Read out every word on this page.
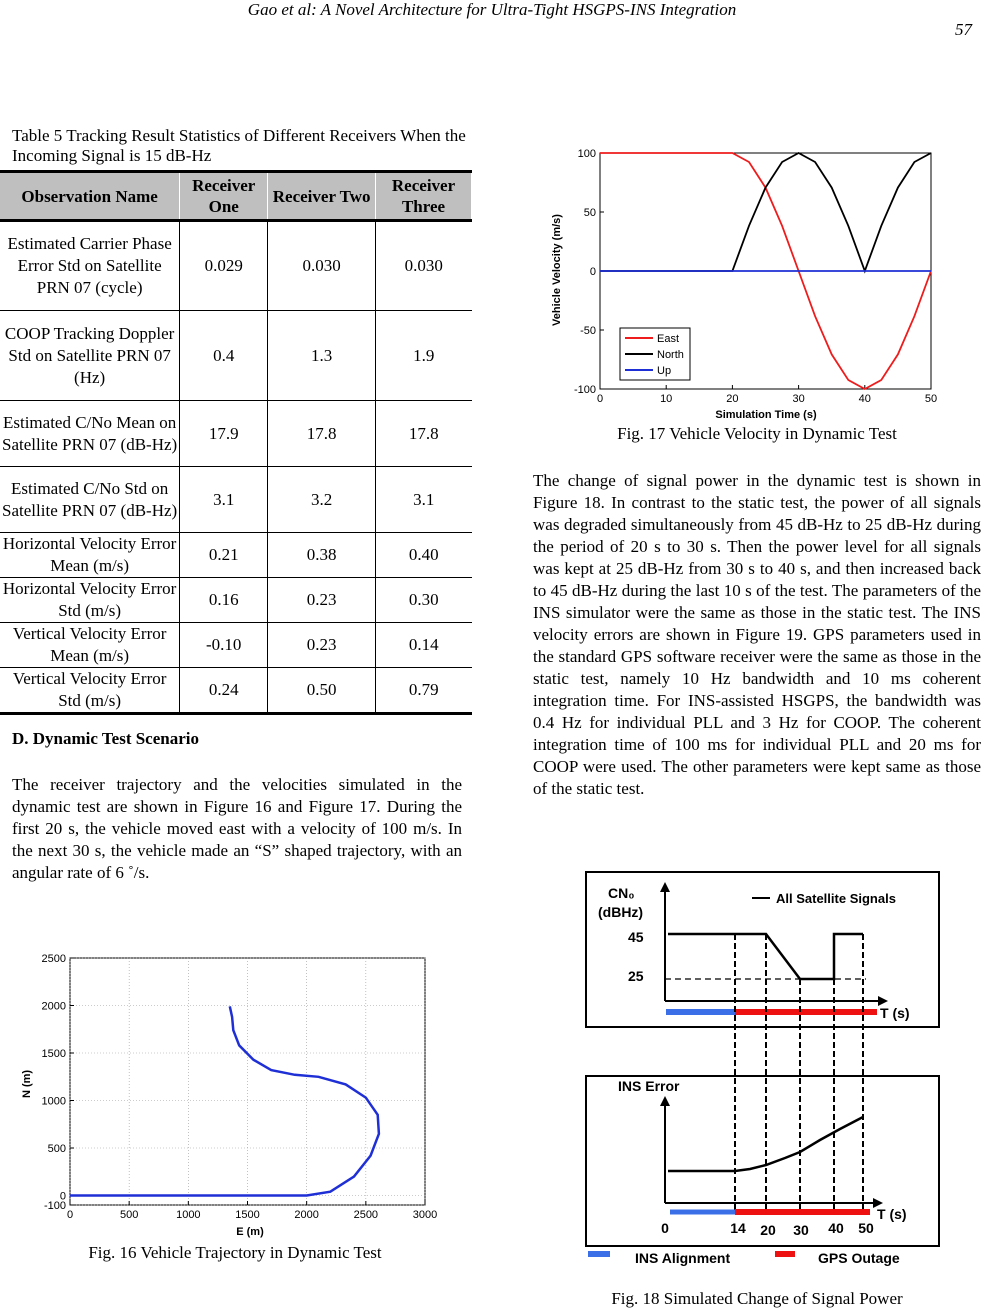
Gao et al: A Novel Architecture for Ultra-Tight HSGPS-INS Integration
57
Table 5 Tracking Result Statistics of Different Receivers When the Incoming Signal is 15 dB-Hz
Observation Name	Receiver One	Receiver Two	Receiver Three
Estimated Carrier Phase Error Std on Satellite PRN 07 (cycle)	0.029	0.030	0.030
COOP Tracking Doppler Std on Satellite PRN 07 (Hz)	0.4	1.3	1.9
Estimated C/No Mean on Satellite PRN 07 (dB-Hz)	17.9	17.8	17.8
Estimated C/No Std on Satellite PRN 07 (dB-Hz)	3.1	3.2	3.1
Horizontal Velocity Error Mean (m/s)	0.21	0.38	0.40
Horizontal Velocity Error Std (m/s)	0.16	0.23	0.30
Vertical Velocity Error Mean (m/s)	-0.10	0.23	0.14
Vertical Velocity Error Std (m/s)	0.24	0.50	0.79
D. Dynamic Test Scenario
The receiver trajectory and the velocities simulated in the dynamic test are shown in Figure 16 and Figure 17. During the first 20 s, the vehicle moved east with a velocity of 100 m/s. In the next 30 s, the vehicle made an “S” shaped trajectory, with an angular rate of 6 ˚/s.
0	500	1000	1500	2000	2500	3000
-100
0
500
1000
1500
2000
2500
N (m)
E (m)
Fig. 16 Vehicle Trajectory in Dynamic Test
0	10	20	30	40	50
-100
-50
0
50
100
Vehicle Velocity (m/s)
Simulation Time (s)
East
North
Up
Fig. 17 Vehicle Velocity in Dynamic Test
The change of signal power in the dynamic test is shown in Figure 18. In contrast to the static test, the power of all signals was degraded simultaneously from 45 dB-Hz to 25 dB-Hz during the period of 20 s to 30 s. Then the power level for all signals was kept at 25 dB-Hz from 30 s to 40 s, and then increased back to 45 dB-Hz during the last 10 s of the test. The parameters of the INS simulator were the same as those in the static test. The INS velocity errors are shown in Figure 19. GPS parameters used in the standard GPS software receiver were the same as those in the static test, namely 10 Hz bandwidth and 10 ms coherent integration time. For INS-assisted HSGPS, the bandwidth was 0.4 Hz for individual PLL and 3 Hz for COOP. The coherent integration time of 100 ms for individual PLL and 20 ms for COOP were used. The other parameters were kept same as those of the static test.
CN₀
(dBHz)
All Satellite Signals
45
25
T (s)
INS Error
T (s)
0	14 20 30 40 50
INS Alignment	GPS Outage
Fig. 18 Simulated Change of Signal Power
